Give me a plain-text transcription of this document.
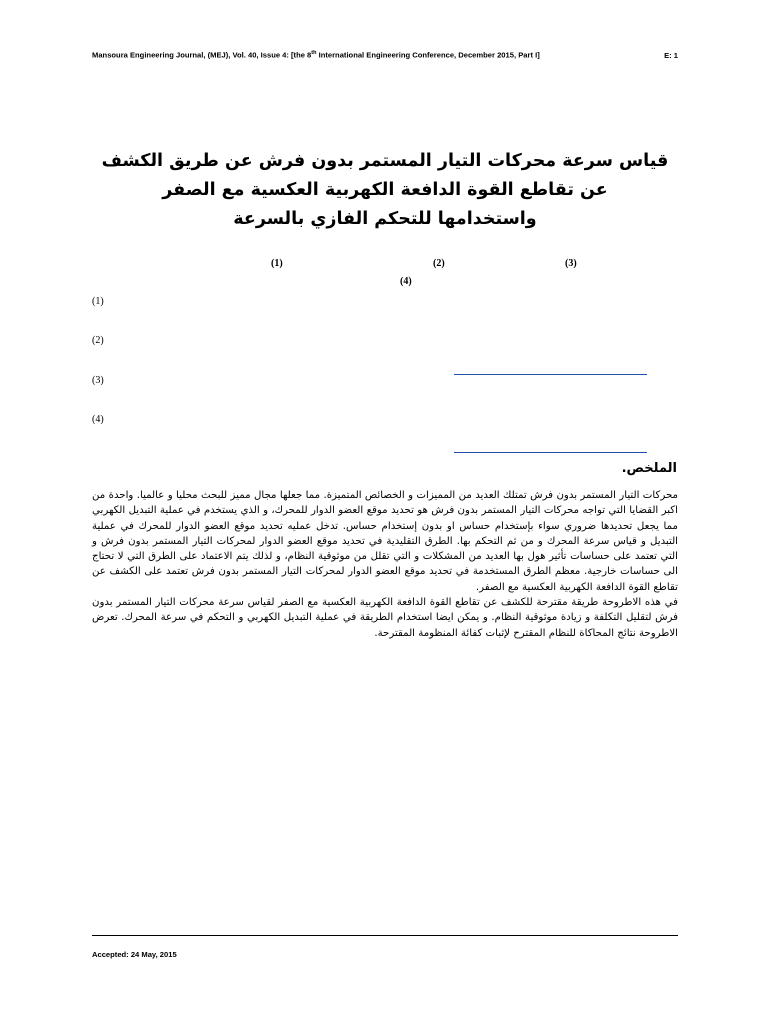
Mansoura Engineering Journal, (MEJ), Vol. 40, Issue 4: [the 8th International Engineering Conference, December 2015, Part I]	E: 1
قياس سرعة محركات التيار المستمر بدون فرش عن طريق الكشف
عن تقاطع القوة الدافعة الكهربية العكسية مع الصفر
واستخدامها للتحكم الفازي بالسرعة
(3)
(2)
(1)
(4)
(1)
(2)
(3)
(4)
الملخص.

محركات التيار المستمر بدون فرش تمتلك العديد من المميزات و الخصائص المتميزة. مما جعلها مجال مميز للبحث محليا و عالميا. واحدة من اكبر القضايا التي تواجه محركات التيار المستمر بدون فرش هو تحديد موقع العضو الدوار للمحرك، و الذي يستخدم في عملية التبديل الكهربي مما يجعل تحديدها ضروري سواء بإستخدام حساس او بدون إستخدام حساس. تدخل عمليه تحديد موقع العضو الدوار للمحرك في عملية التبديل و قياس سرعة المحرك و من ثم التحكم بها. الطرق التقليدية في تحديد موقع العضو الدوار لمحركات التيار المستمر بدون فرش و التي تعتمد على حساسات تأثير هول بها العديد من المشكلات و التي تقلل من موثوقية النظام، و لذلك يتم الاعتماد على الطرق التي لا تحتاج الى حساسات خارجية. معظم الطرق المستخدمة في تحديد موقع العضو الدوار لمحركات التيار المستمر بدون فرش تعتمد على الكشف عن تقاطع القوة الدافعة الكهربية العكسية مع الصفر.

في هذه الاطروحة طريقة مقترحة للكشف عن تقاطع القوة الدافعة الكهربية العكسية مع الصفر لقياس سرعة محركات التيار المستمر بدون فرش لتقليل التكلفة و زيادة موثوقية النظام. و يمكن ايضا استخدام الطريقة في عملية التبديل الكهربي و التحكم في سرعة المحرك. تعرض الاطروحة نتائج المحاكاة للنظام المقترح لإثبات كفائة المنظومة المقترحة.

Accepted: 24 May, 2015
